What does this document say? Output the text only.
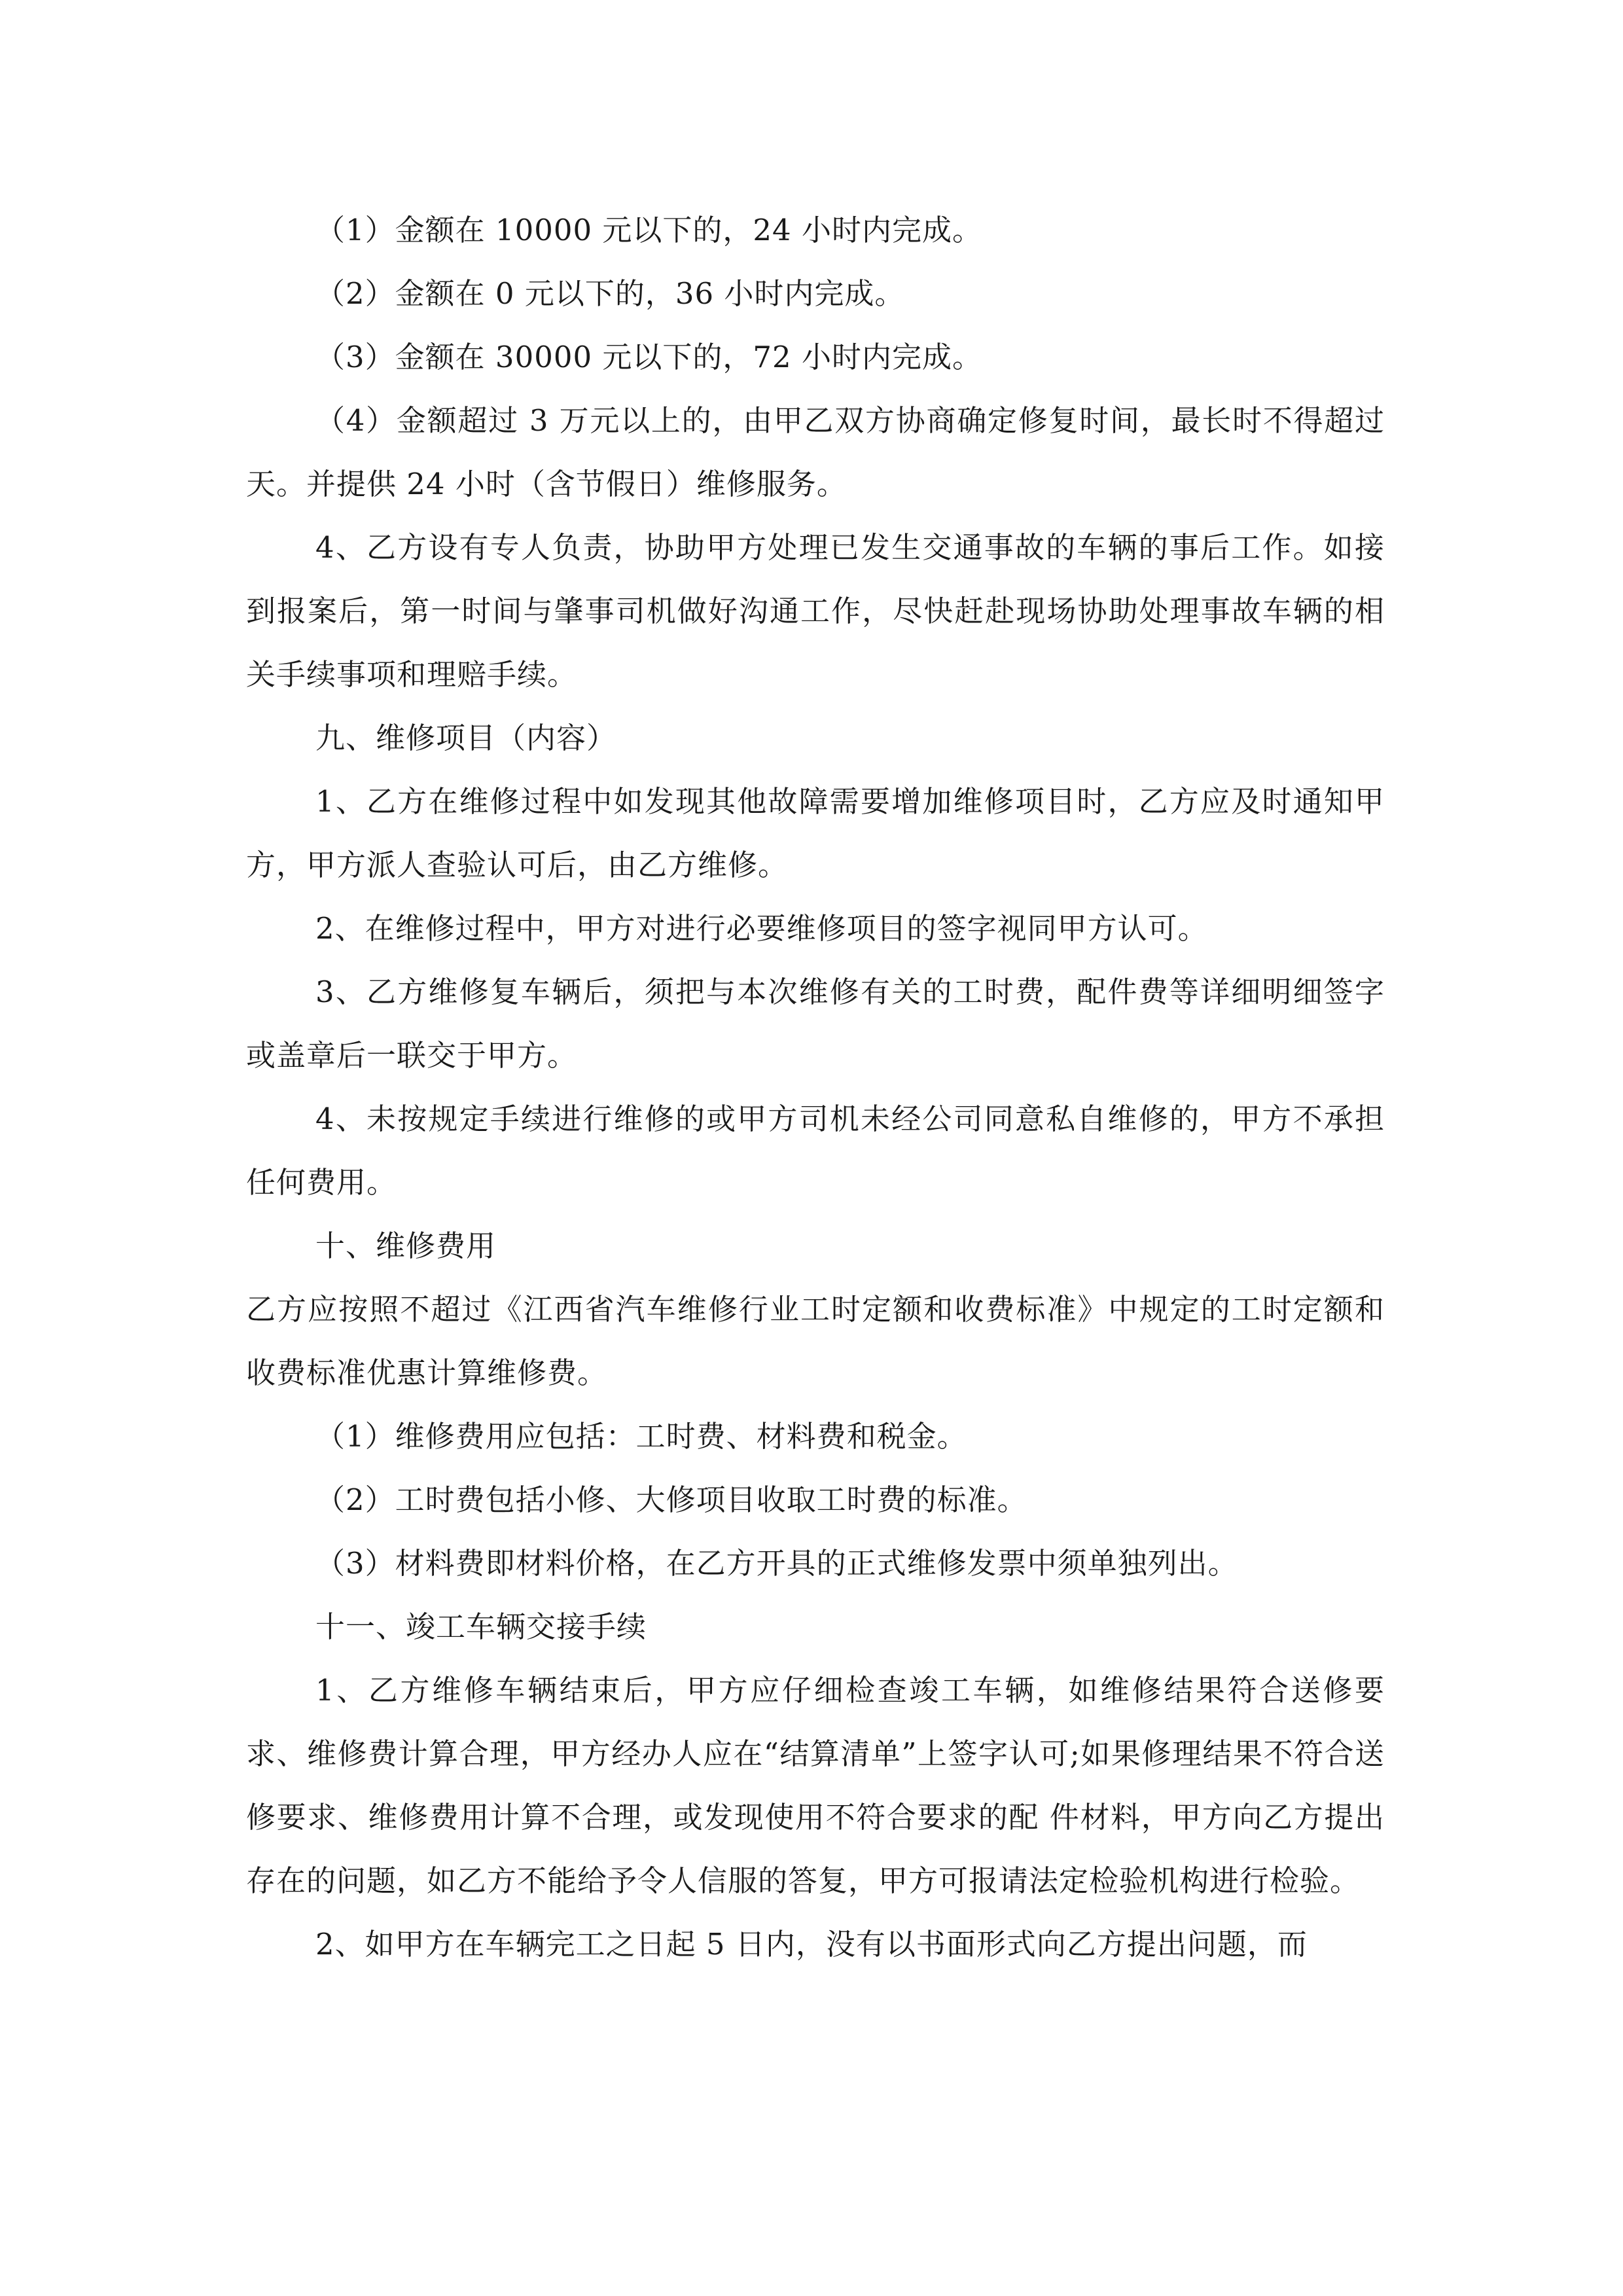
（1）金额在 10000 元以下的，24 小时内完成。

（2）金额在 0 元以下的，36 小时内完成。

（3）金额在 30000 元以下的，72 小时内完成。

（4）金额超过 3 万元以上的，由甲乙双方协商确定修复时间，最长时不得超过天。并提供 24 小时（含节假日）维修服务。

4、乙方设有专人负责，协助甲方处理已发生交通事故的车辆的事后工作。如接到报案后，第一时间与肇事司机做好沟通工作，尽快赶赴现场协助处理事故车辆的相关手续事项和理赔手续。

九、维修项目（内容）

1、乙方在维修过程中如发现其他故障需要增加维修项目时，乙方应及时通知甲方，甲方派人查验认可后，由乙方维修。

2、在维修过程中，甲方对进行必要维修项目的签字视同甲方认可。

3、乙方维修复车辆后，须把与本次维修有关的工时费，配件费等详细明细签字或盖章后一联交于甲方。

4、未按规定手续进行维修的或甲方司机未经公司同意私自维修的，甲方不承担任何费用。

十、维修费用

乙方应按照不超过《江西省汽车维修行业工时定额和收费标准》中规定的工时定额和收费标准优惠计算维修费。

（1）维修费用应包括：工时费、材料费和税金。

（2）工时费包括小修、大修项目收取工时费的标准。

（3）材料费即材料价格，在乙方开具的正式维修发票中须单独列出。

十一、竣工车辆交接手续

1、乙方维修车辆结束后，甲方应仔细检查竣工车辆，如维修结果符合送修要求、维修费计算合理，甲方经办人应在“结算清单”上签字认可;如果修理结果不符合送修要求、维修费用计算不合理，或发现使用不符合要求的配 件材料，甲方向乙方提出存在的问题，如乙方不能给予令人信服的答复，甲方可报请法定检验机构进行检验。

2、如甲方在车辆完工之日起 5 日内，没有以书面形式向乙方提出问题，而
